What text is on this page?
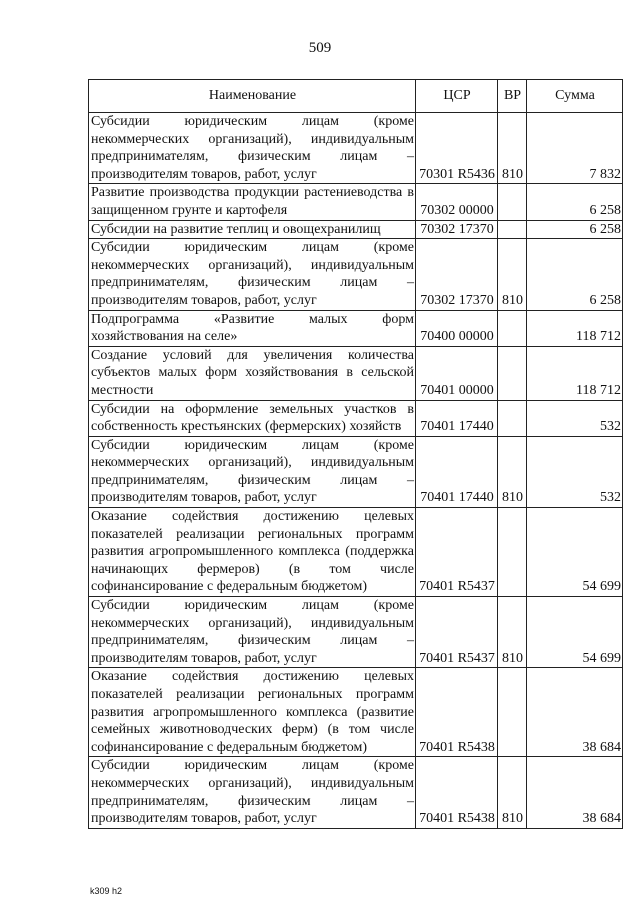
509
Наименование	ЦСР	ВР	Сумма
Субсидии юридическим лицам (кроме некоммерческих организаций), индивидуальным предпринимателям, физическим лицам – производителям товаров, работ, услуг	70301 R5436	810	7 832
Развитие производства продукции растениеводства в защищенном грунте и картофеля	70302 00000		6 258
Субсидии на развитие теплиц и овощехранилищ	70302 17370		6 258
Субсидии юридическим лицам (кроме некоммерческих организаций), индивидуальным предпринимателям, физическим лицам – производителям товаров, работ, услуг	70302 17370	810	6 258
Подпрограмма «Развитие малых форм хозяйствования на селе»	70400 00000		118 712
Создание условий для увеличения количества субъектов малых форм хозяйствования в сельской местности	70401 00000		118 712
Субсидии на оформление земельных участков в собственность крестьянских (фермерских) хозяйств	70401 17440		532
Субсидии юридическим лицам (кроме некоммерческих организаций), индивидуальным предпринимателям, физическим лицам – производителям товаров, работ, услуг	70401 17440	810	532
Оказание содействия достижению целевых показателей реализации региональных программ развития агропромышленного комплекса (поддержка начинающих фермеров) (в том числе софинансирование с федеральным бюджетом)	70401 R5437		54 699
Субсидии юридическим лицам (кроме некоммерческих организаций), индивидуальным предпринимателям, физическим лицам – производителям товаров, работ, услуг	70401 R5437	810	54 699
Оказание содействия достижению целевых показателей реализации региональных программ развития агропромышленного комплекса (развитие семейных животноводческих ферм) (в том числе софинансирование с федеральным бюджетом)	70401 R5438		38 684
Субсидии юридическим лицам (кроме некоммерческих организаций), индивидуальным предпринимателям, физическим лицам – производителям товаров, работ, услуг	70401 R5438	810	38 684
k309 h2
